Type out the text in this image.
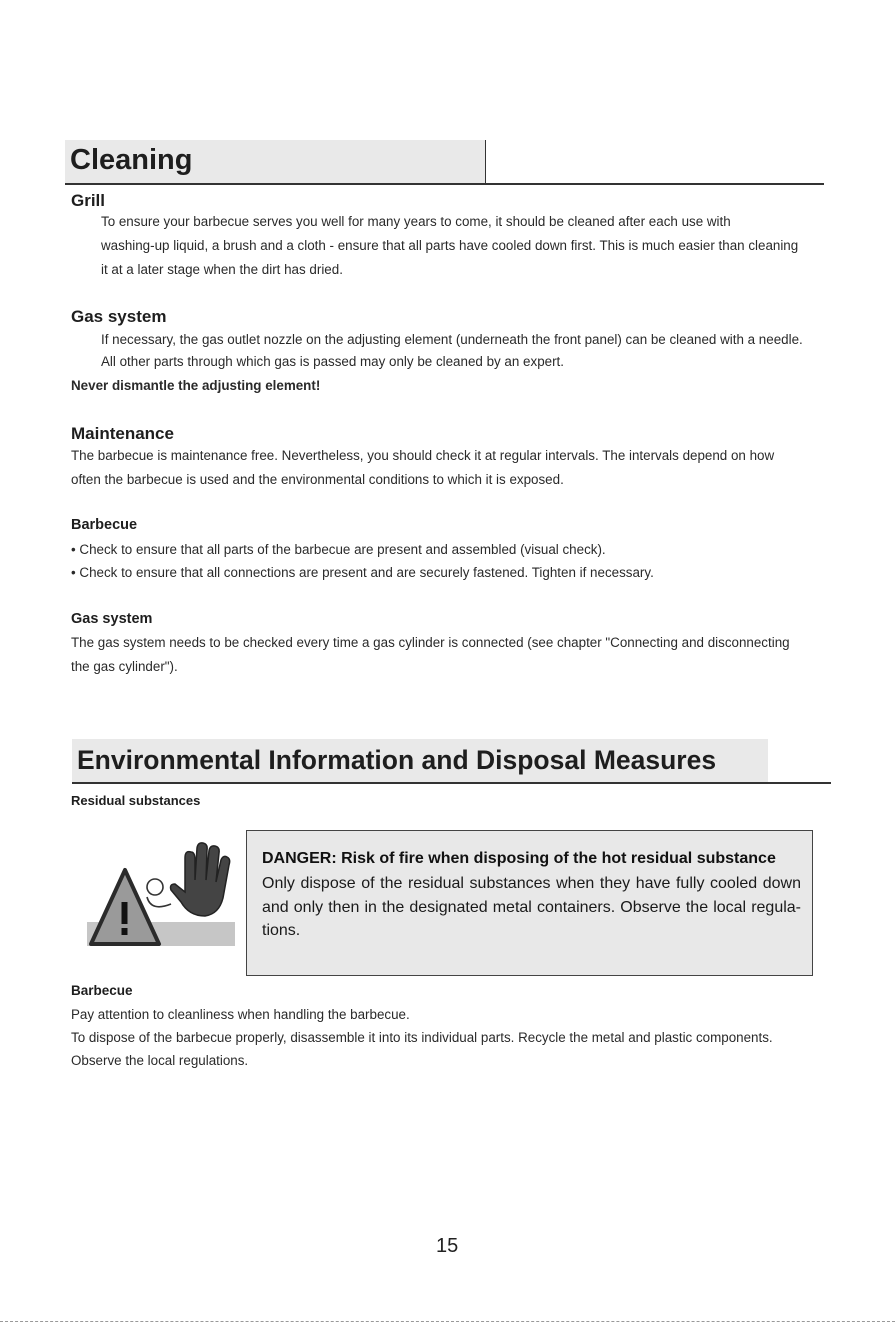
Cleaning
Grill
To ensure your barbecue serves you well for many years to come, it should be cleaned after each use with
washing-up liquid, a brush and a cloth - ensure that all parts have cooled down first. This is much easier than cleaning
it at a later stage when the dirt has dried.
Gas system
If necessary, the gas outlet nozzle on the adjusting element (underneath the front panel) can be cleaned with a needle.
All other parts through which gas is passed may only be cleaned by an expert.
Never dismantle the adjusting element!
Maintenance
The barbecue is maintenance free. Nevertheless, you should check it at regular intervals. The intervals depend on how
often the barbecue is used and the environmental conditions to which it is exposed.
Barbecue
• Check to ensure that all parts of the barbecue are present and assembled (visual check).
• Check to ensure that all connections are present and are securely fastened. Tighten if necessary.
Gas system
The gas system needs to be checked every time a gas cylinder is connected (see chapter "Connecting and disconnecting
the gas cylinder").
Environmental Information and Disposal Measures
Residual substances
DANGER: Risk of fire when disposing of the hot residual substance
Only dispose of the residual substances when they have fully cooled down and only then in the designated metal containers. Observe the local regula-tions.
Barbecue
Pay attention to cleanliness when handling the barbecue.
To dispose of the barbecue properly, disassemble it into its individual parts. Recycle the metal and plastic components.
Observe the local regulations.
15
